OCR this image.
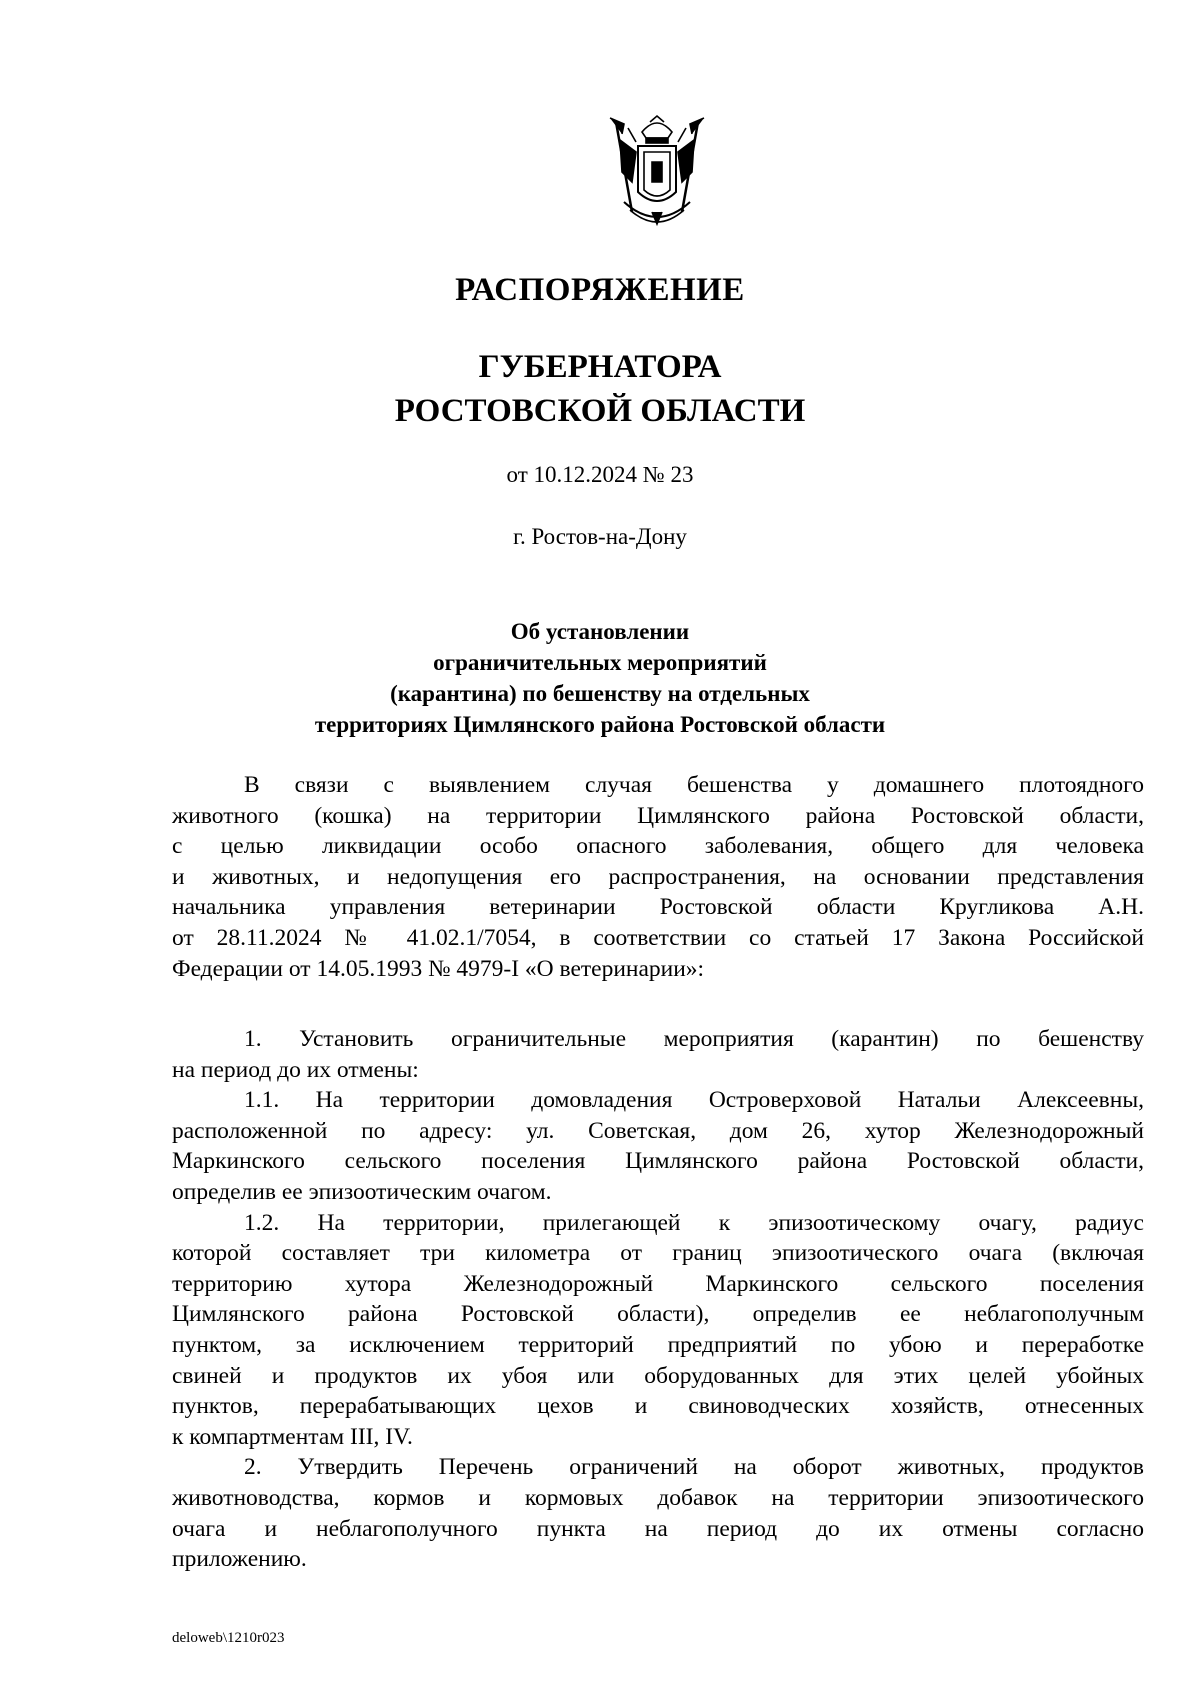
РАСПОРЯЖЕНИЕ
ГУБЕРНАТОРА
РОСТОВСКОЙ ОБЛАСТИ
от 10.12.2024 № 23
г. Ростов-на-Дону
Об установлении
ограничительных мероприятий
(карантина) по бешенству на отдельных
территориях Цимлянского района Ростовской области
В связи с выявлением случая бешенства у домашнего плотоядного
животного (кошка) на территории Цимлянского района Ростовской области,
с целью ликвидации особо опасного заболевания, общего для человека
и животных, и недопущения его распространения, на основании представления
начальника управления ветеринарии Ростовской области Кругликова А.Н.
от 28.11.2024 № 41.02.1/7054, в соответствии со статьей 17 Закона Российской
Федерации от 14.05.1993 № 4979-I «О ветеринарии»:
1. Установить ограничительные мероприятия (карантин) по бешенству
на период до их отмены:
1.1. На территории домовладения Островерховой Натальи Алексеевны,
расположенной по адресу: ул. Советская, дом 26, хутор Железнодорожный
Маркинского сельского поселения Цимлянского района Ростовской области,
определив ее эпизоотическим очагом.
1.2. На территории, прилегающей к эпизоотическому очагу, радиус
которой составляет три километра от границ эпизоотического очага (включая
территорию хутора Железнодорожный Маркинского сельского поселения
Цимлянского района Ростовской области), определив ее неблагополучным
пунктом, за исключением территорий предприятий по убою и переработке
свиней и продуктов их убоя или оборудованных для этих целей убойных
пунктов, перерабатывающих цехов и свиноводческих хозяйств, отнесенных
к компартментам III, IV.
2. Утвердить Перечень ограничений на оборот животных, продуктов
животноводства, кормов и кормовых добавок на территории эпизоотического
очага и неблагополучного пункта на период до их отмены согласно
приложению.
deloweb\1210r023
